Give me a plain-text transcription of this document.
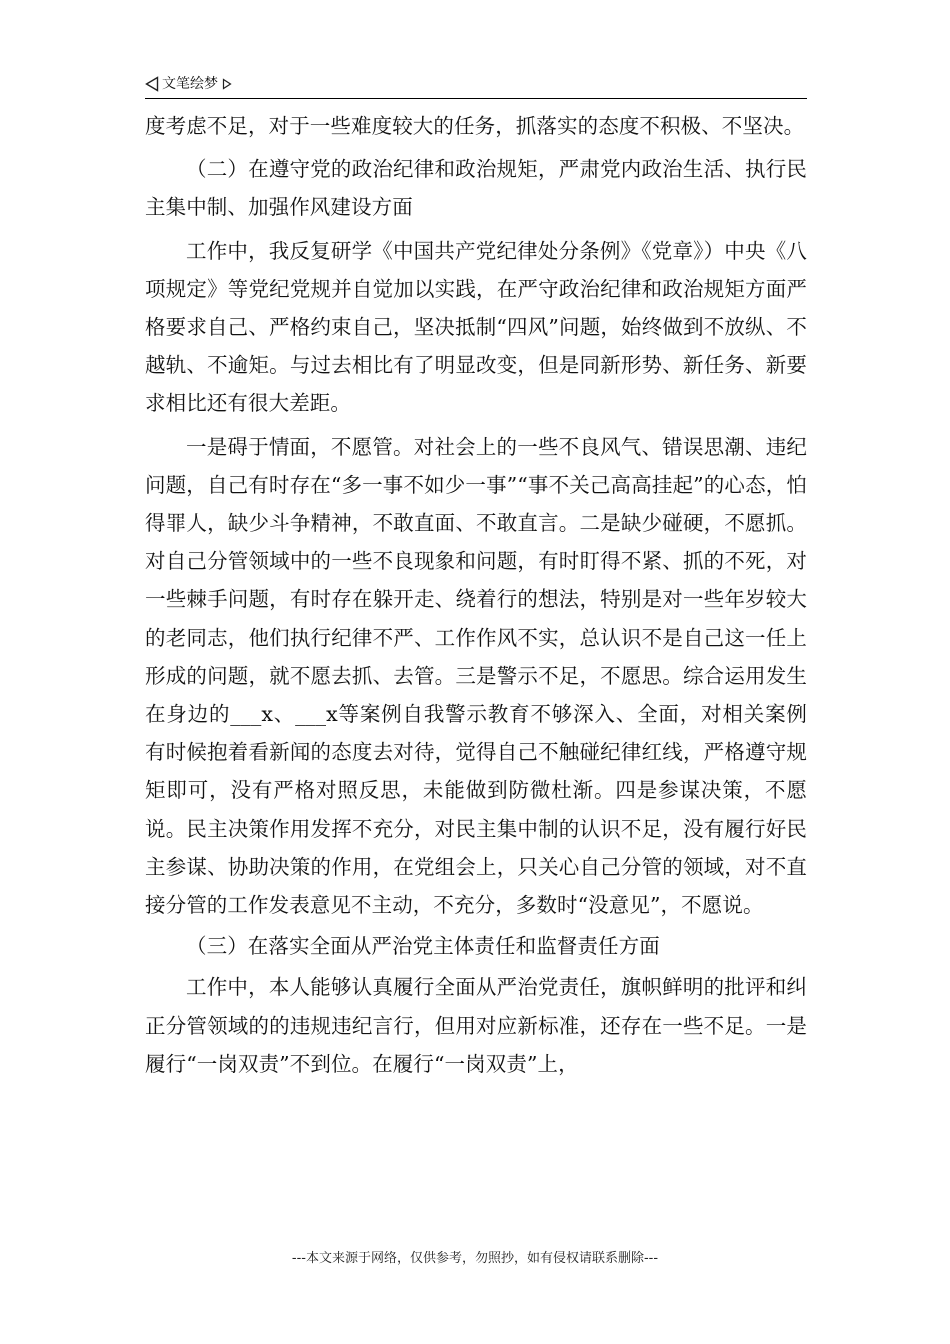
文笔绘梦

度考虑不足，对于一些难度较大的任务，抓落实的态度不积极、不坚决。

（二）在遵守党的政治纪律和政治规矩，严肃党内政治生活、执行民主集中制、加强作风建设方面

工作中，我反复研学《中国共产党纪律处分条例》《党章》）中央《八项规定》等党纪党规并自觉加以实践，在严守政治纪律和政治规矩方面严格要求自己、严格约束自己，坚决抵制“四风”问题，始终做到不放纵、不越轨、不逾矩。与过去相比有了明显改变，但是同新形势、新任务、新要求相比还有很大差距。

一是碍于情面，不愿管。对社会上的一些不良风气、错误思潮、违纪问题，自己有时存在“多一事不如少一事”“事不关己高高挂起”的心态，怕得罪人，缺少斗争精神，不敢直面、不敢直言。二是缺少碰硬，不愿抓。对自己分管领域中的一些不良现象和问题，有时盯得不紧、抓的不死，对一些棘手问题，有时存在躲开走、绕着行的想法，特别是对一些年岁较大的老同志，他们执行纪律不严、工作作风不实，总认识不是自己这一任上形成的问题，就不愿去抓、去管。三是警示不足，不愿思。综合运用发生在身边的___x、___x等案例自我警示教育不够深入、全面，对相关案例有时候抱着看新闻的态度去对待，觉得自己不触碰纪律红线，严格遵守规矩即可，没有严格对照反思，未能做到防微杜渐。四是参谋决策，不愿说。民主决策作用发挥不充分，对民主集中制的认识不足，没有履行好民主参谋、协助决策的作用，在党组会上，只关心自己分管的领域，对不直接分管的工作发表意见不主动，不充分，多数时“没意见”，不愿说。

（三）在落实全面从严治党主体责任和监督责任方面

工作中，本人能够认真履行全面从严治党责任，旗帜鲜明的批评和纠正分管领域的的违规违纪言行，但用对应新标准，还存在一些不足。一是履行“一岗双责”不到位。在履行“一岗双责”上，

---本文来源于网络，仅供参考，勿照抄，如有侵权请联系删除---
